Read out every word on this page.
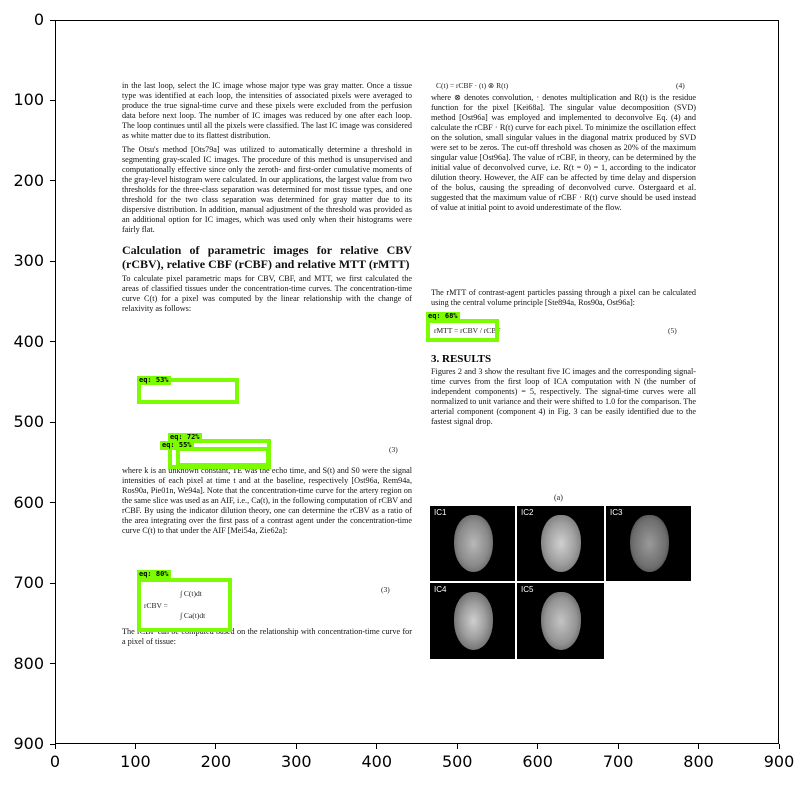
in the last loop, select the IC image whose major type was gray matter. Once a tissue type was identified at each loop, the intensities of associated pixels were averaged to produce the true signal-time curve and these pixels were excluded from the perfusion data before next loop. The number of IC images was reduced by one after each loop. The loop continues until all the pixels were classified. The last IC image was considered as white matter due to its flattest distribution.

The Otsu's method [Ots79a] was utilized to automatically determine a threshold in segmenting gray-scaled IC images. The procedure of this method is unsupervised and computationally effective since only the zeroth- and first-order cumulative moments of the gray-level histogram were calculated. In our applications, the largest value from two thresholds for the three-class separation was determined for most tissue types, and one threshold for the two class separation was determined for gray matter due to its dispersive distribution. In addition, manual adjustment of the threshold was provided as an additional option for IC images, which was used only when their histograms were fairly flat.

Calculation of parametric images for relative CBV (rCBV), relative CBF (rCBF) and relative MTT (rMTT)

To calculate pixel parametric maps for CBV, CBF, and MTT, we first calculated the areas of classified tissues under the concentration-time curves. The concentration-time curve C(t) for a pixel was computed by the linear relationship with the change of relaxivity as follows:

(3)
where k is an unknown constant, TE was the echo time, and S(t) and S0 were the signal intensities of each pixel at time t and at the baseline, respectively [Ost96a, Rem94a, Ros90a, Pie01n, We94a]. Note that the concentration-time curve for the artery region on the same slice was used as an AIF, i.e., Ca(t), in the following computation of rCBV and rCBF. By using the indicator dilution theory, one can determine the rCBV as a ratio of the area integrating over the first pass of a contrast agent under the concentration-time curve C(t) to that under the AIF [Mei54a, Zie62a]:
rCBV =
∫ C(t)dt
∫ Ca(t)dt
(3)
The rCBF can be computed based on the relationship with concentration-time curve for a pixel of tissue:
C(t) = rCBF · (t) ⊗ R(t)	(4)
where ⊗ denotes convolution, · denotes multiplication and R(t) is the residue function for the pixel [Kei68a]. The singular value decomposition (SVD) method [Ost96a] was employed and implemented to deconvolve Eq. (4) and calculate the rCBF · R(t) curve for each pixel. To minimize the oscillation effect on the solution, small singular values in the diagonal matrix produced by SVD were set to be zeros. The cut-off threshold was chosen as 20% of the maximum singular value [Ost96a]. The value of rCBF, in theory, can be determined by the initial value of deconvolved curve, i.e. R(t = 0) = 1, according to the indicator dilution theory. However, the AIF can be affected by time delay and dispersion of the bolus, causing the spreading of deconvolved curve. Ostergaard et al. suggested that the maximum value of rCBF · R(t) curve should be used instead of value at initial point to avoid underestimate of the flow.
The rMTT of contrast-agent particles passing through a pixel can be calculated using the central volume principle [Ste894a, Ros90a, Ost96a]:
rMTT = rCBV / rCBF	(5)
3. RESULTS
Figures 2 and 3 show the resultant five IC images and the corresponding signal-time curves from the first loop of ICA computation with N (the number of independent components) = 5, respectively. The signal-time curves were all normalized to unit variance and their were shifted to 1.0 for the comparison. The arterial component (component 4) in Fig. 3 can be easily identified due to the fastest signal drop.
(a)
IC1	IC2	IC3
IC4	IC5
eq: 53%
eq: 72%
eq: 55%
eq: 80%
eq: 68%
0	100	200	300	400	500	600	700	800	900
0
100
200
300
400
500
600
700
800
900
